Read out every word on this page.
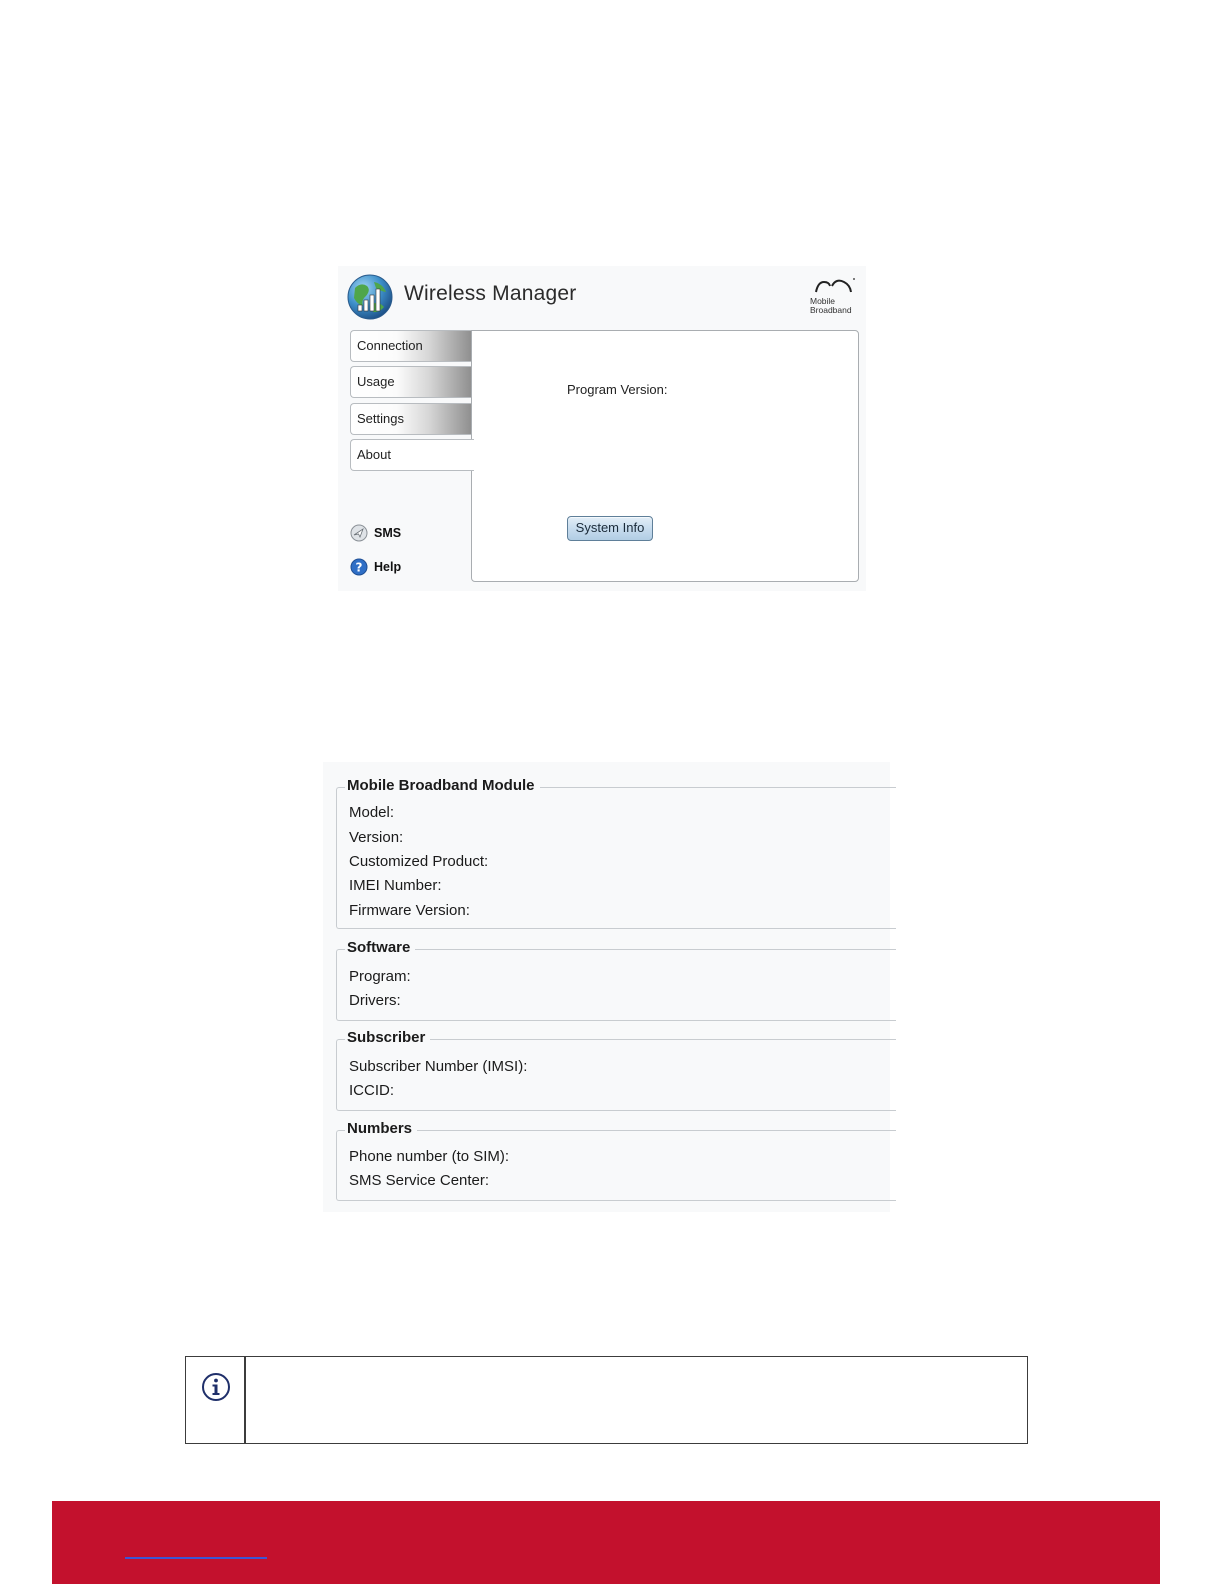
Wireless Manager	Mobile
Broadband
Connection
Usage
Settings
About
Program Version:
System Info
SMS
? Help
Mobile Broadband Module
Model:
Version:
Customized Product:
IMEI Number:
Firmware Version:
Software
Program:
Drivers:
Subscriber
Subscriber Number (IMSI):
ICCID:
Numbers
Phone number (to SIM):
SMS Service Center:
